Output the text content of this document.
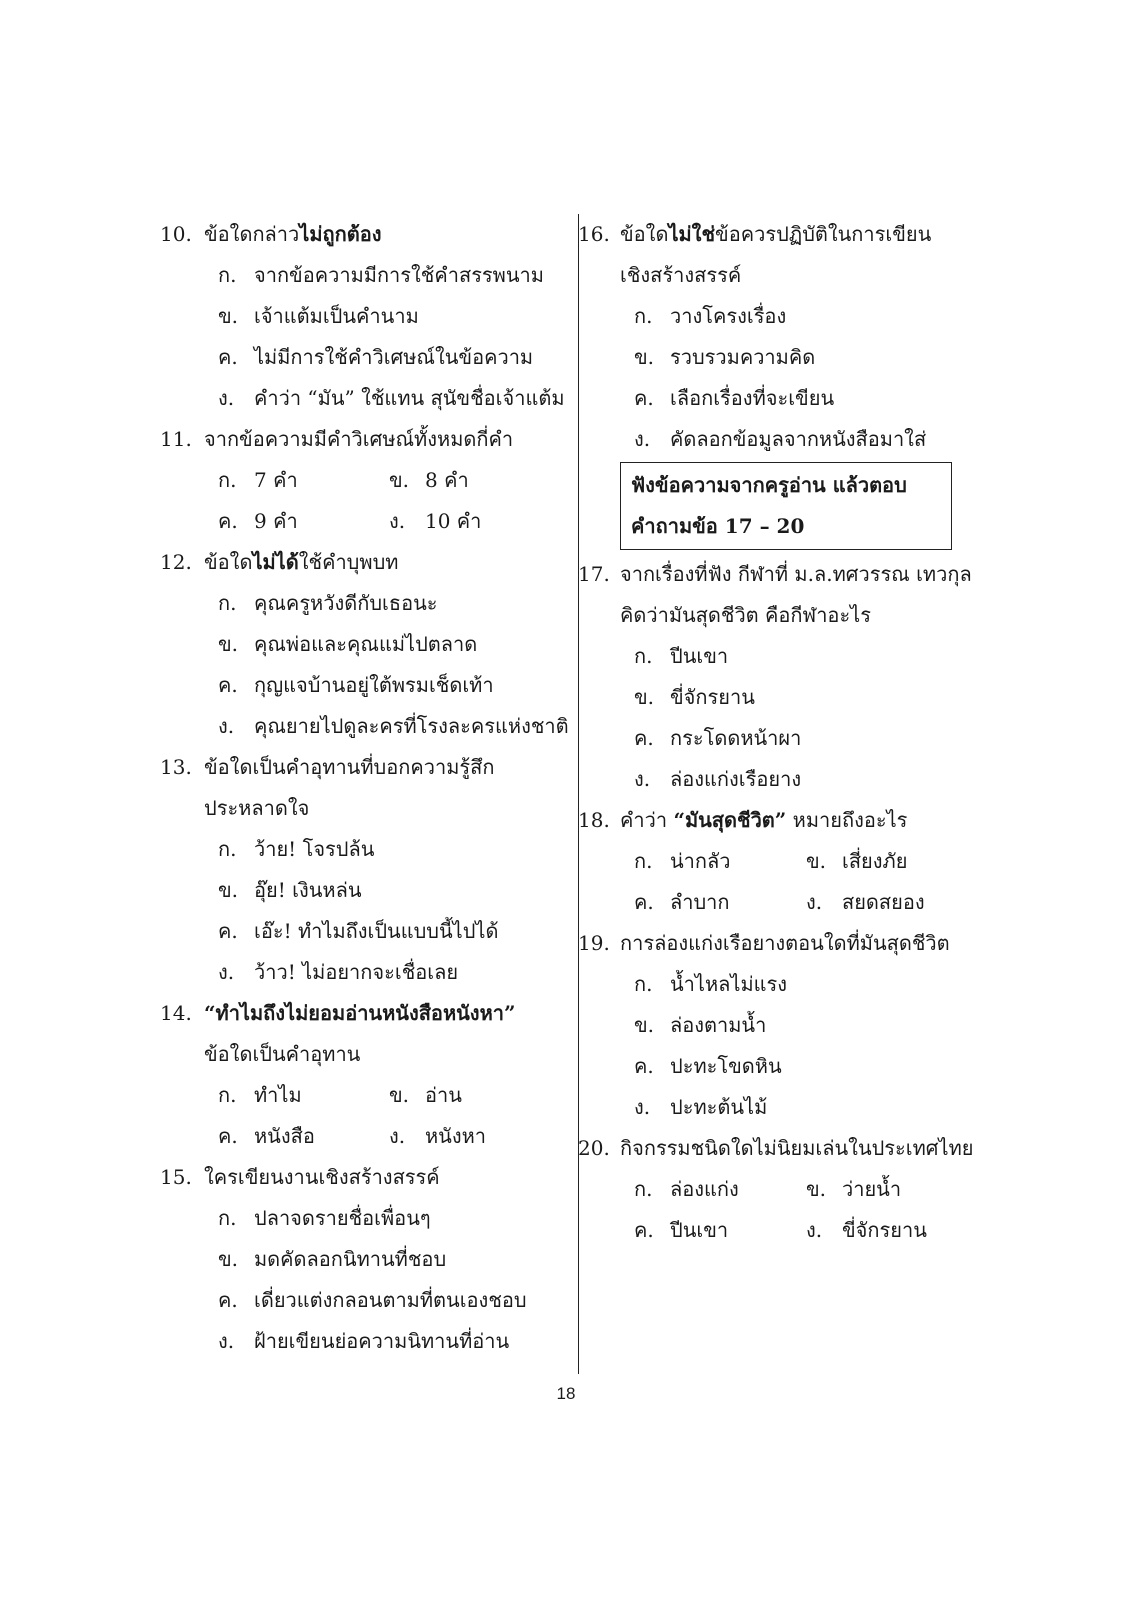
10. ข้อใดกล่าวไม่ถูกต้อง
ก. จากข้อความมีการใช้คำสรรพนาม
ข. เจ้าแต้มเป็นคำนาม
ค. ไม่มีการใช้คำวิเศษณ์ในข้อความ
ง. คำว่า “มัน” ใช้แทน สุนัขชื่อเจ้าแต้ม
11. จากข้อความมีคำวิเศษณ์ทั้งหมดกี่คำ
ก. 7 คำ	ข. 8 คำ
ค. 9 คำ	ง. 10 คำ
12. ข้อใดไม่ได้ใช้คำบุพบท
ก. คุณครูหวังดีกับเธอนะ
ข. คุณพ่อและคุณแม่ไปตลาด
ค. กุญแจบ้านอยู่ใต้พรมเช็ดเท้า
ง. คุณยายไปดูละครที่โรงละครแห่งชาติ
13. ข้อใดเป็นคำอุทานที่บอกความรู้สึก
ประหลาดใจ
ก. ว้าย! โจรปล้น
ข. อุ๊ย! เงินหล่น
ค. เอ๊ะ! ทำไมถึงเป็นแบบนี้ไปได้
ง. ว้าว! ไม่อยากจะเชื่อเลย
14. “ทำไมถึงไม่ยอมอ่านหนังสือหนังหา”
ข้อใดเป็นคำอุทาน
ก. ทำไม	ข. อ่าน
ค. หนังสือ	ง. หนังหา
15. ใครเขียนงานเชิงสร้างสรรค์
ก. ปลาจดรายชื่อเพื่อนๆ
ข. มดคัดลอกนิทานที่ชอบ
ค. เดี่ยวแต่งกลอนตามที่ตนเองชอบ
ง. ฝ้ายเขียนย่อความนิทานที่อ่าน
16. ข้อใดไม่ใช่ข้อควรปฏิบัติในการเขียน
เชิงสร้างสรรค์
ก. วางโครงเรื่อง
ข. รวบรวมความคิด
ค. เลือกเรื่องที่จะเขียน
ง. คัดลอกข้อมูลจากหนังสือมาใส่
ฟังข้อความจากครูอ่าน แล้วตอบ
คำถามข้อ 17 – 20
17. จากเรื่องที่ฟัง กีฬาที่ ม.ล.ทศวรรณ เทวกุล
คิดว่ามันสุดชีวิต คือกีฬาอะไร
ก. ปีนเขา
ข. ขี่จักรยาน
ค. กระโดดหน้าผา
ง. ล่องแก่งเรือยาง
18. คำว่า “มันสุดชีวิต” หมายถึงอะไร
ก. น่ากลัว	ข. เสี่ยงภัย
ค. ลำบาก	ง. สยดสยอง
19. การล่องแก่งเรือยางตอนใดที่มันสุดชีวิต
ก. น้ำไหลไม่แรง
ข. ล่องตามน้ำ
ค. ปะทะโขดหิน
ง. ปะทะต้นไม้
20. กิจกรรมชนิดใดไม่นิยมเล่นในประเทศไทย
ก. ล่องแก่ง	ข. ว่ายน้ำ
ค. ปีนเขา	ง. ขี่จักรยาน
18
